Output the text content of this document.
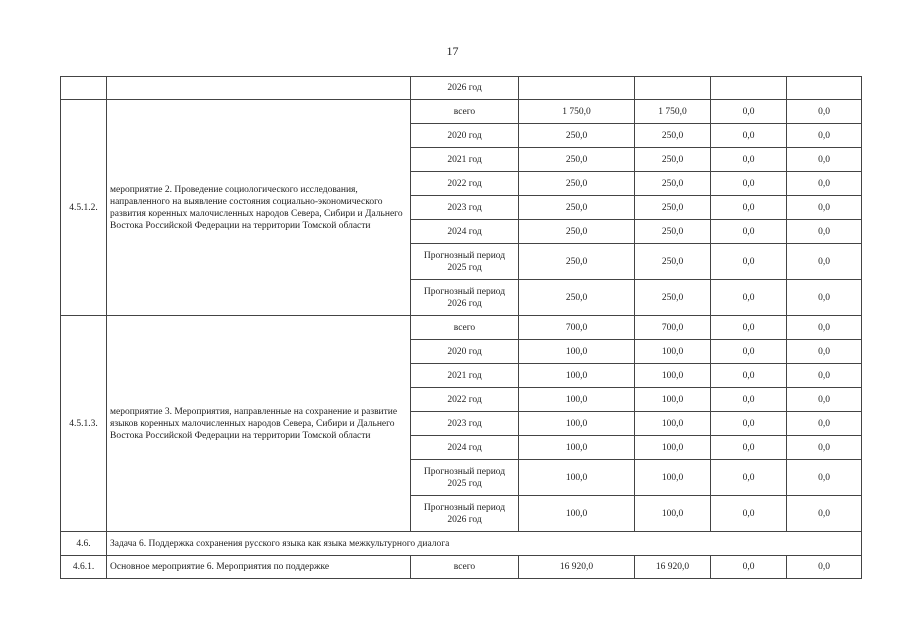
17
		2026 год				
4.5.1.2.	мероприятие 2. Проведение социологического исследования, направленного на выявление состояния социально-экономического развития коренных малочисленных народов Севера, Сибири и Дальнего Востока Российской Федерации на территории Томской области	всего	1 750,0	1 750,0	0,0	0,0
		2020 год	250,0	250,0	0,0	0,0
		2021 год	250,0	250,0	0,0	0,0
		2022 год	250,0	250,0	0,0	0,0
		2023 год	250,0	250,0	0,0	0,0
		2024 год	250,0	250,0	0,0	0,0
		Прогнозный период 2025 год	250,0	250,0	0,0	0,0
		Прогнозный период 2026 год	250,0	250,0	0,0	0,0
4.5.1.3.	мероприятие 3. Мероприятия, направленные на сохранение и развитие языков коренных малочисленных народов Севера, Сибири и Дальнего Востока Российской Федерации на территории Томской области	всего	700,0	700,0	0,0	0,0
		2020 год	100,0	100,0	0,0	0,0
		2021 год	100,0	100,0	0,0	0,0
		2022 год	100,0	100,0	0,0	0,0
		2023 год	100,0	100,0	0,0	0,0
		2024 год	100,0	100,0	0,0	0,0
		Прогнозный период 2025 год	100,0	100,0	0,0	0,0
		Прогнозный период 2026 год	100,0	100,0	0,0	0,0
4.6.	Задача 6. Поддержка сохранения русского языка как языка межкультурного диалога					
4.6.1.	Основное мероприятие 6. Мероприятия по поддержке	всего	16 920,0	16 920,0	0,0	0,0
